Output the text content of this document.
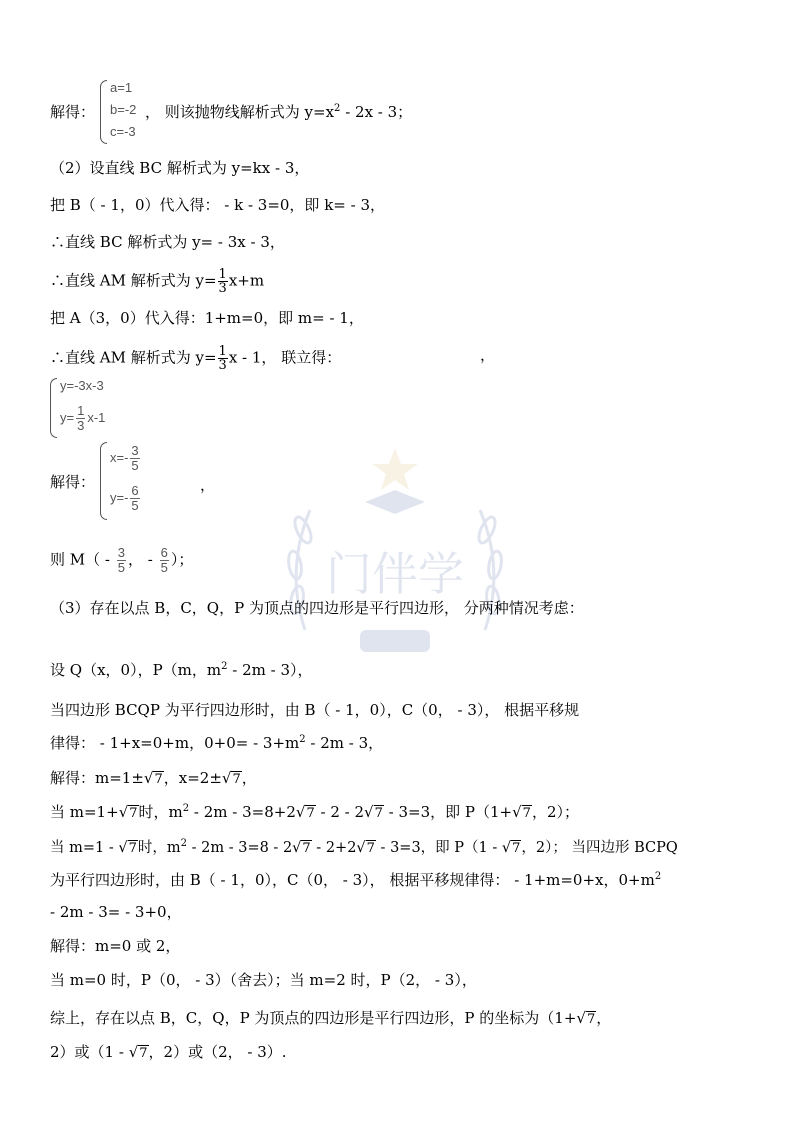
门伴学
解得：
a=1
b=-2
c=-3
， 则该抛物线解析式为 $y=x^2 - 2x - 3$；
（2）设直线 BC 解析式为 y=kx - 3，
把 B（ - 1，0）代入得： - k - 3=0，即 k= - 3，
∴直线 BC 解析式为 y= - 3x - 3，
∴直线 AM 解析式为 $y= \frac{1}{3} x+m$
把 A（3，0）代入得：1+m=0，即 m= - 1，
∴直线 AM 解析式为 $y= \frac{1}{3}$ x - 1， 联立得：	，
y=-3x-3
$y= \frac{1}{3} x-1$
解得：
$x=- \frac{3}{5}$
$y=- \frac{6}{5}$	，
则 $M( - \frac{3}{5}$ ， - $\frac{6}{5}$ ）；
（3）存在以点 B，C，Q，P 为顶点的四边形是平行四边形， 分两种情况考虑：
设 Q（x，0），P（m，$m^2 - 2m - 3$），
当四边形 BCQP 为平行四边形时，由 B（ - 1，0），C（0， - 3）， 根据平移规
律得： - 1+x=0+m，$0+0= - 3+m^2 - 2m - 3$，
解得：m=1±√7，x=2±√7，
当 m=1+√7时，$m^2 - 2m - 3=8+2√7 - 2 - 2√7 - 3=3$，即 P（1+√7，2）；
当 m=1 - √7时，$m^2 - 2m - 3=8 - 2√7 - 2+2√7 - 3=3$，即 P（1 - √7，2）； 当四边形 BCPQ
为平行四边形时，由 B（ - 1，0），C（0， - 3）， 根据平移规律得： - 1+m=0+x，$0+m^2$
- 2m - 3= - 3+0，
解得：m=0 或 2，
当 m=0 时，P（0， - 3）（舍去）；当 m=2 时，P（2， - 3），
综上，存在以点 B，C，Q，P 为顶点的四边形是平行四边形，P 的坐标为（1+√7，
2）或（1 - √7，2）或（2， - 3）.
